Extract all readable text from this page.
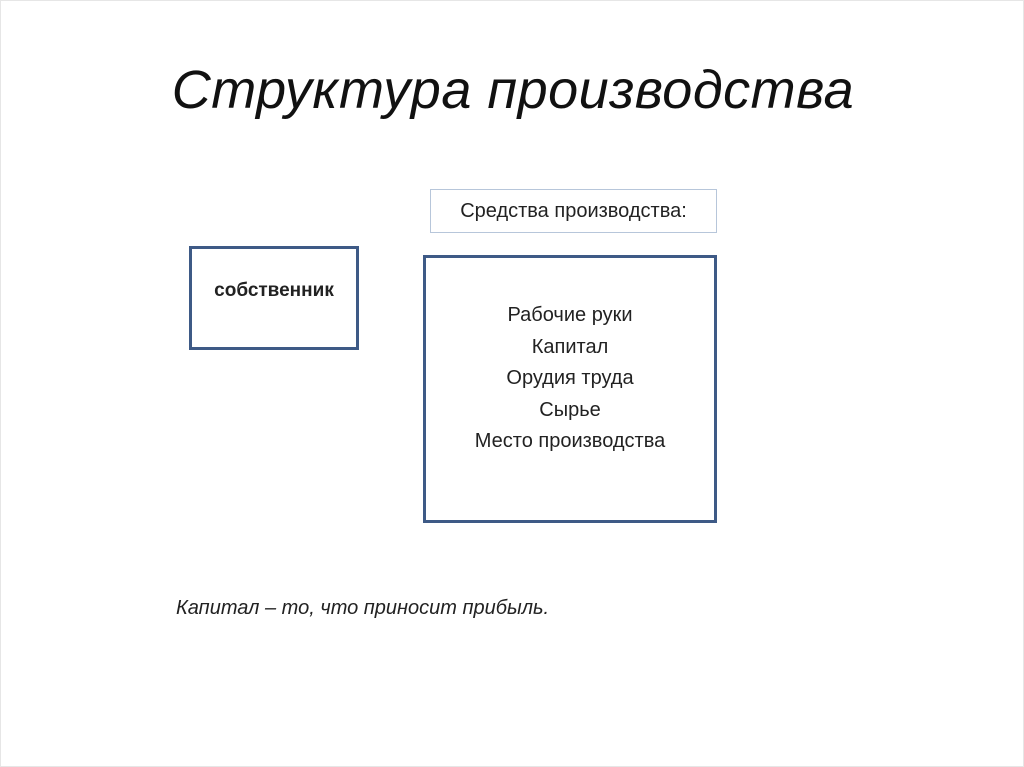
Структура производства
Средства производства:
собственник
Рабочие руки
Капитал
Орудия труда
Сырье
Место производства
Капитал – то, что приносит прибыль.
